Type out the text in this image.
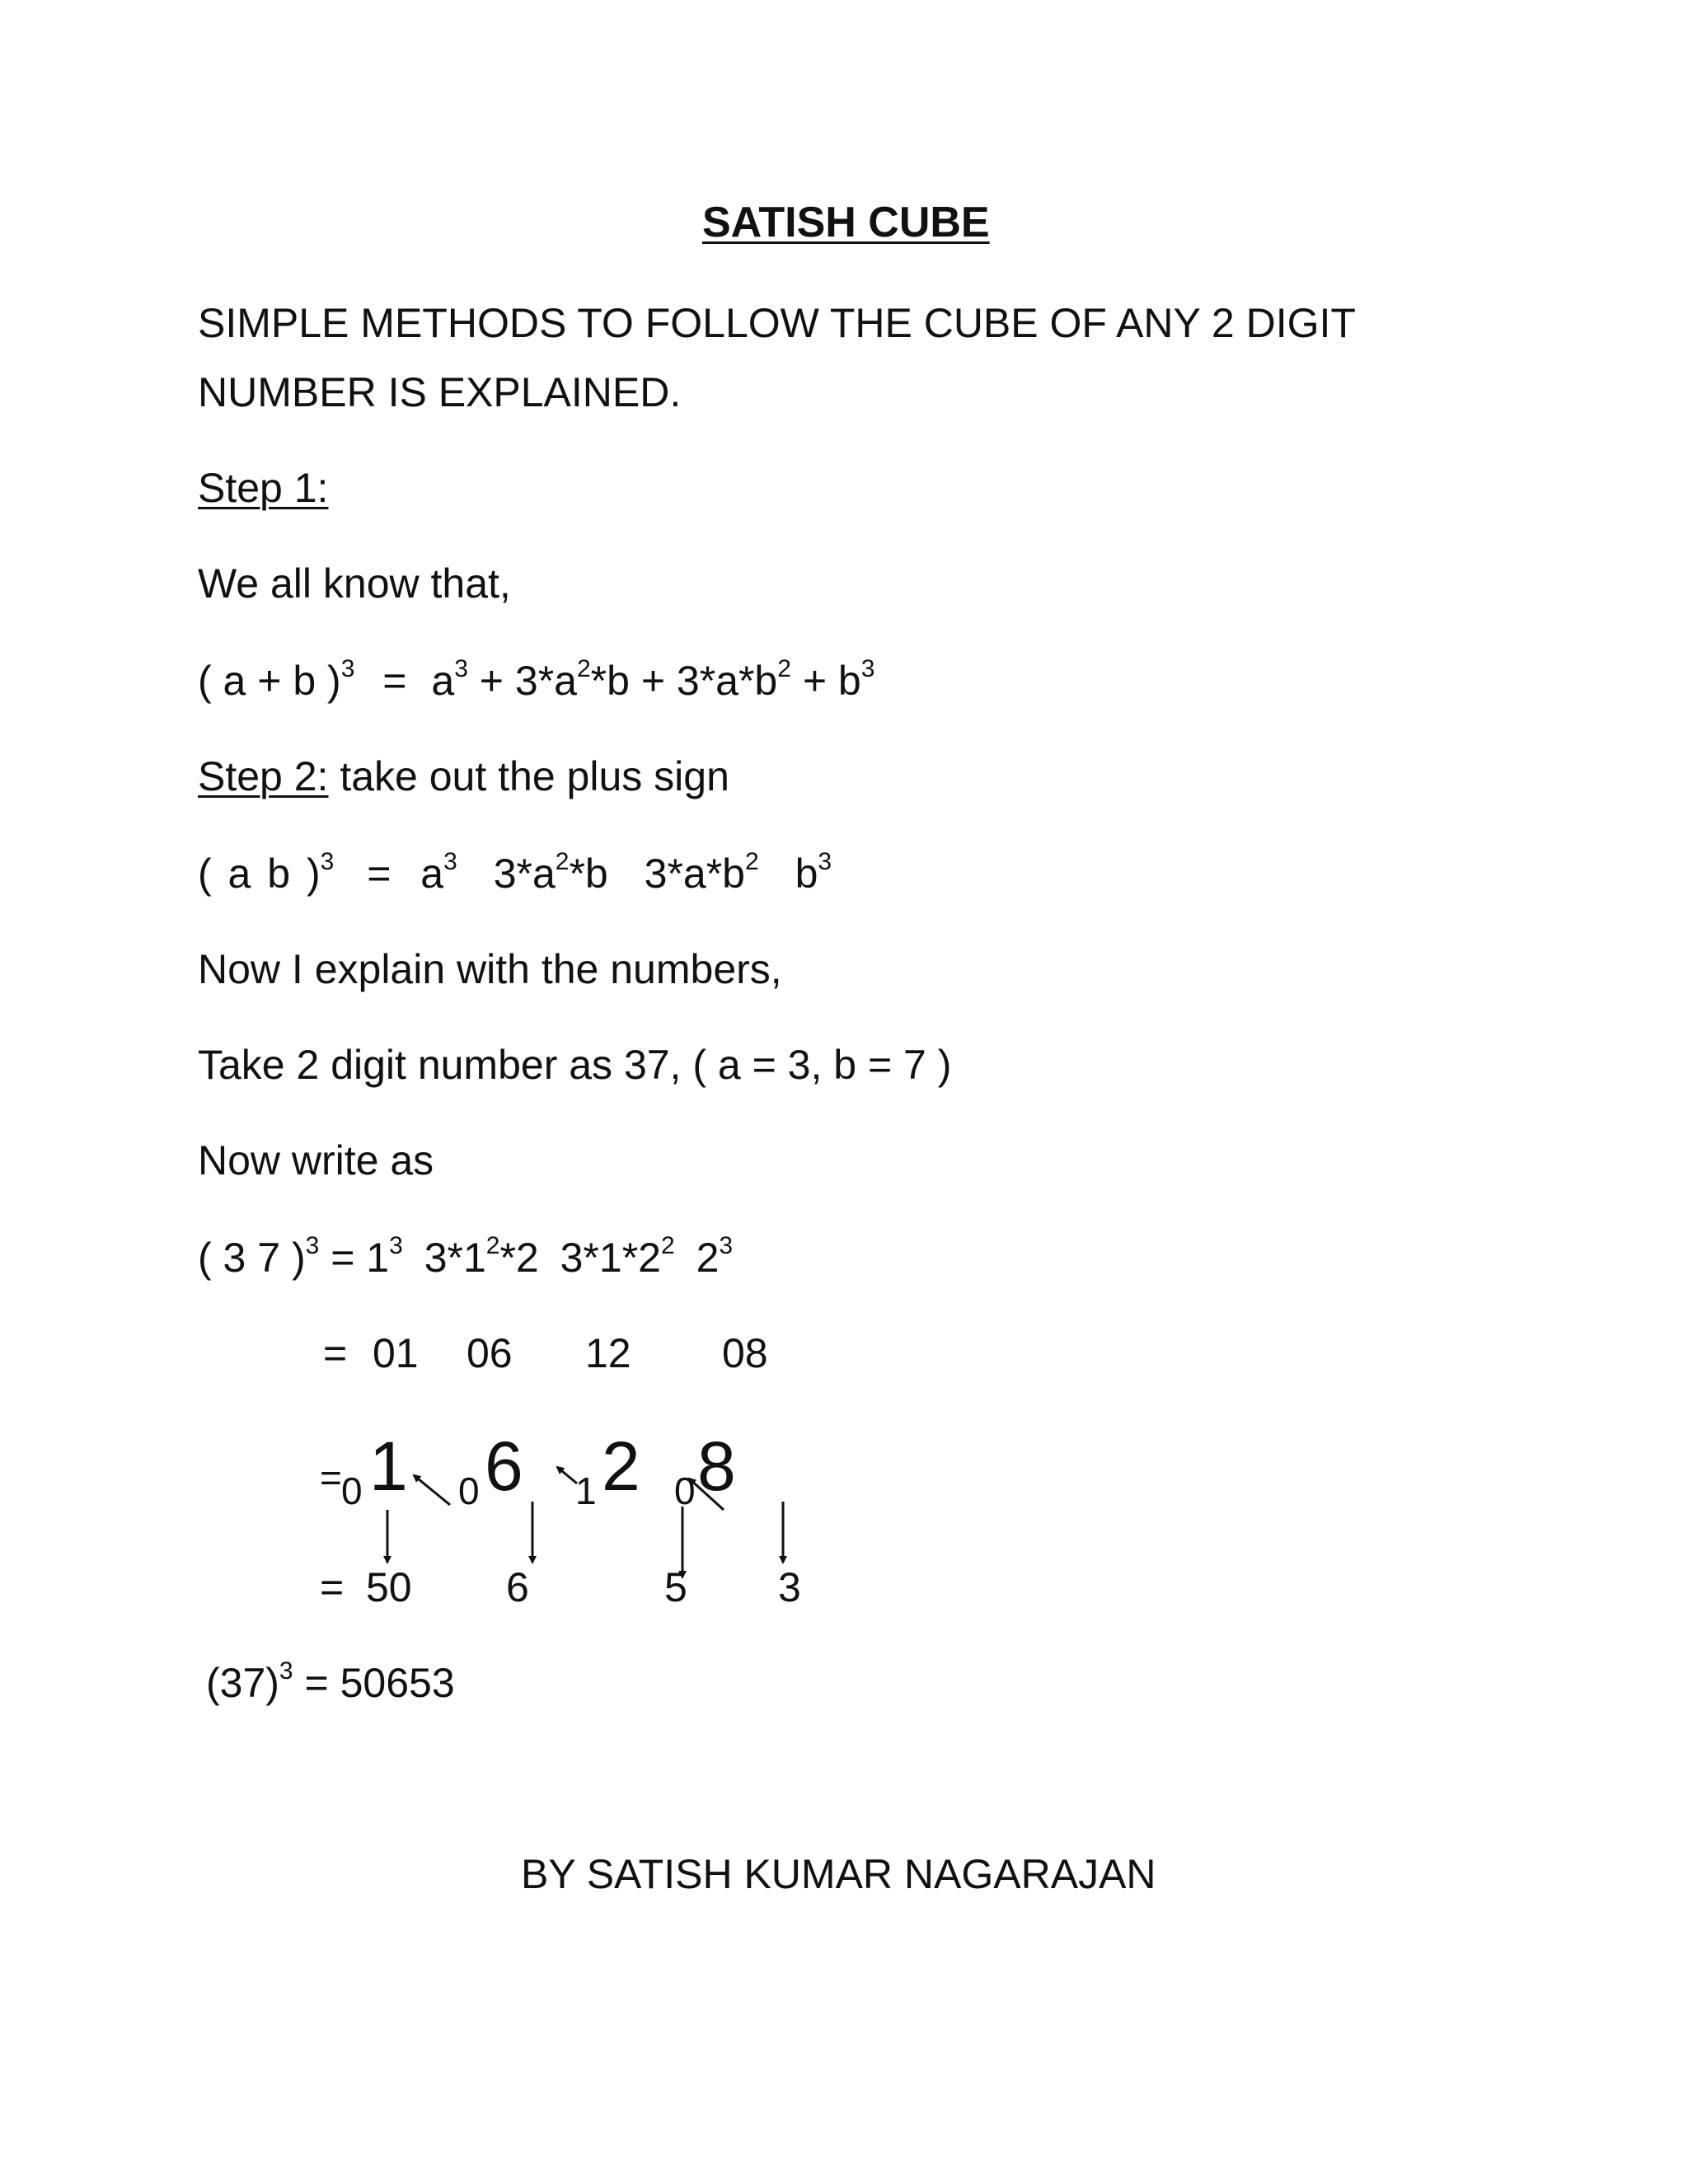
SATISH CUBE
SIMPLE METHODS TO FOLLOW THE CUBE OF ANY 2 DIGIT
NUMBER IS EXPLAINED.
Step 1:
We all know that,
( a + b )$^3 = a^3 + 3*a^2*b + 3*a*b^2 + b^3$
Step 2: take out the plus sign
( a b )$^3 = a^3$ $3*a^2*b$ $3*a*b^2$ $b^3$
Now I explain with the numbers,
Take 2 digit number as 37, ( a = 3, b = 7 )
Now write as
( 3 7 )$^3 = 1^3$ $3*1^2*2$ $3*1*2^2$ $2^3$
= 01 06 12 08
= 0 1 0 6 1 2 0 8
= 50 6	5 3
$(37)^3 = 50653$
BY SATISH KUMAR NAGARAJAN
